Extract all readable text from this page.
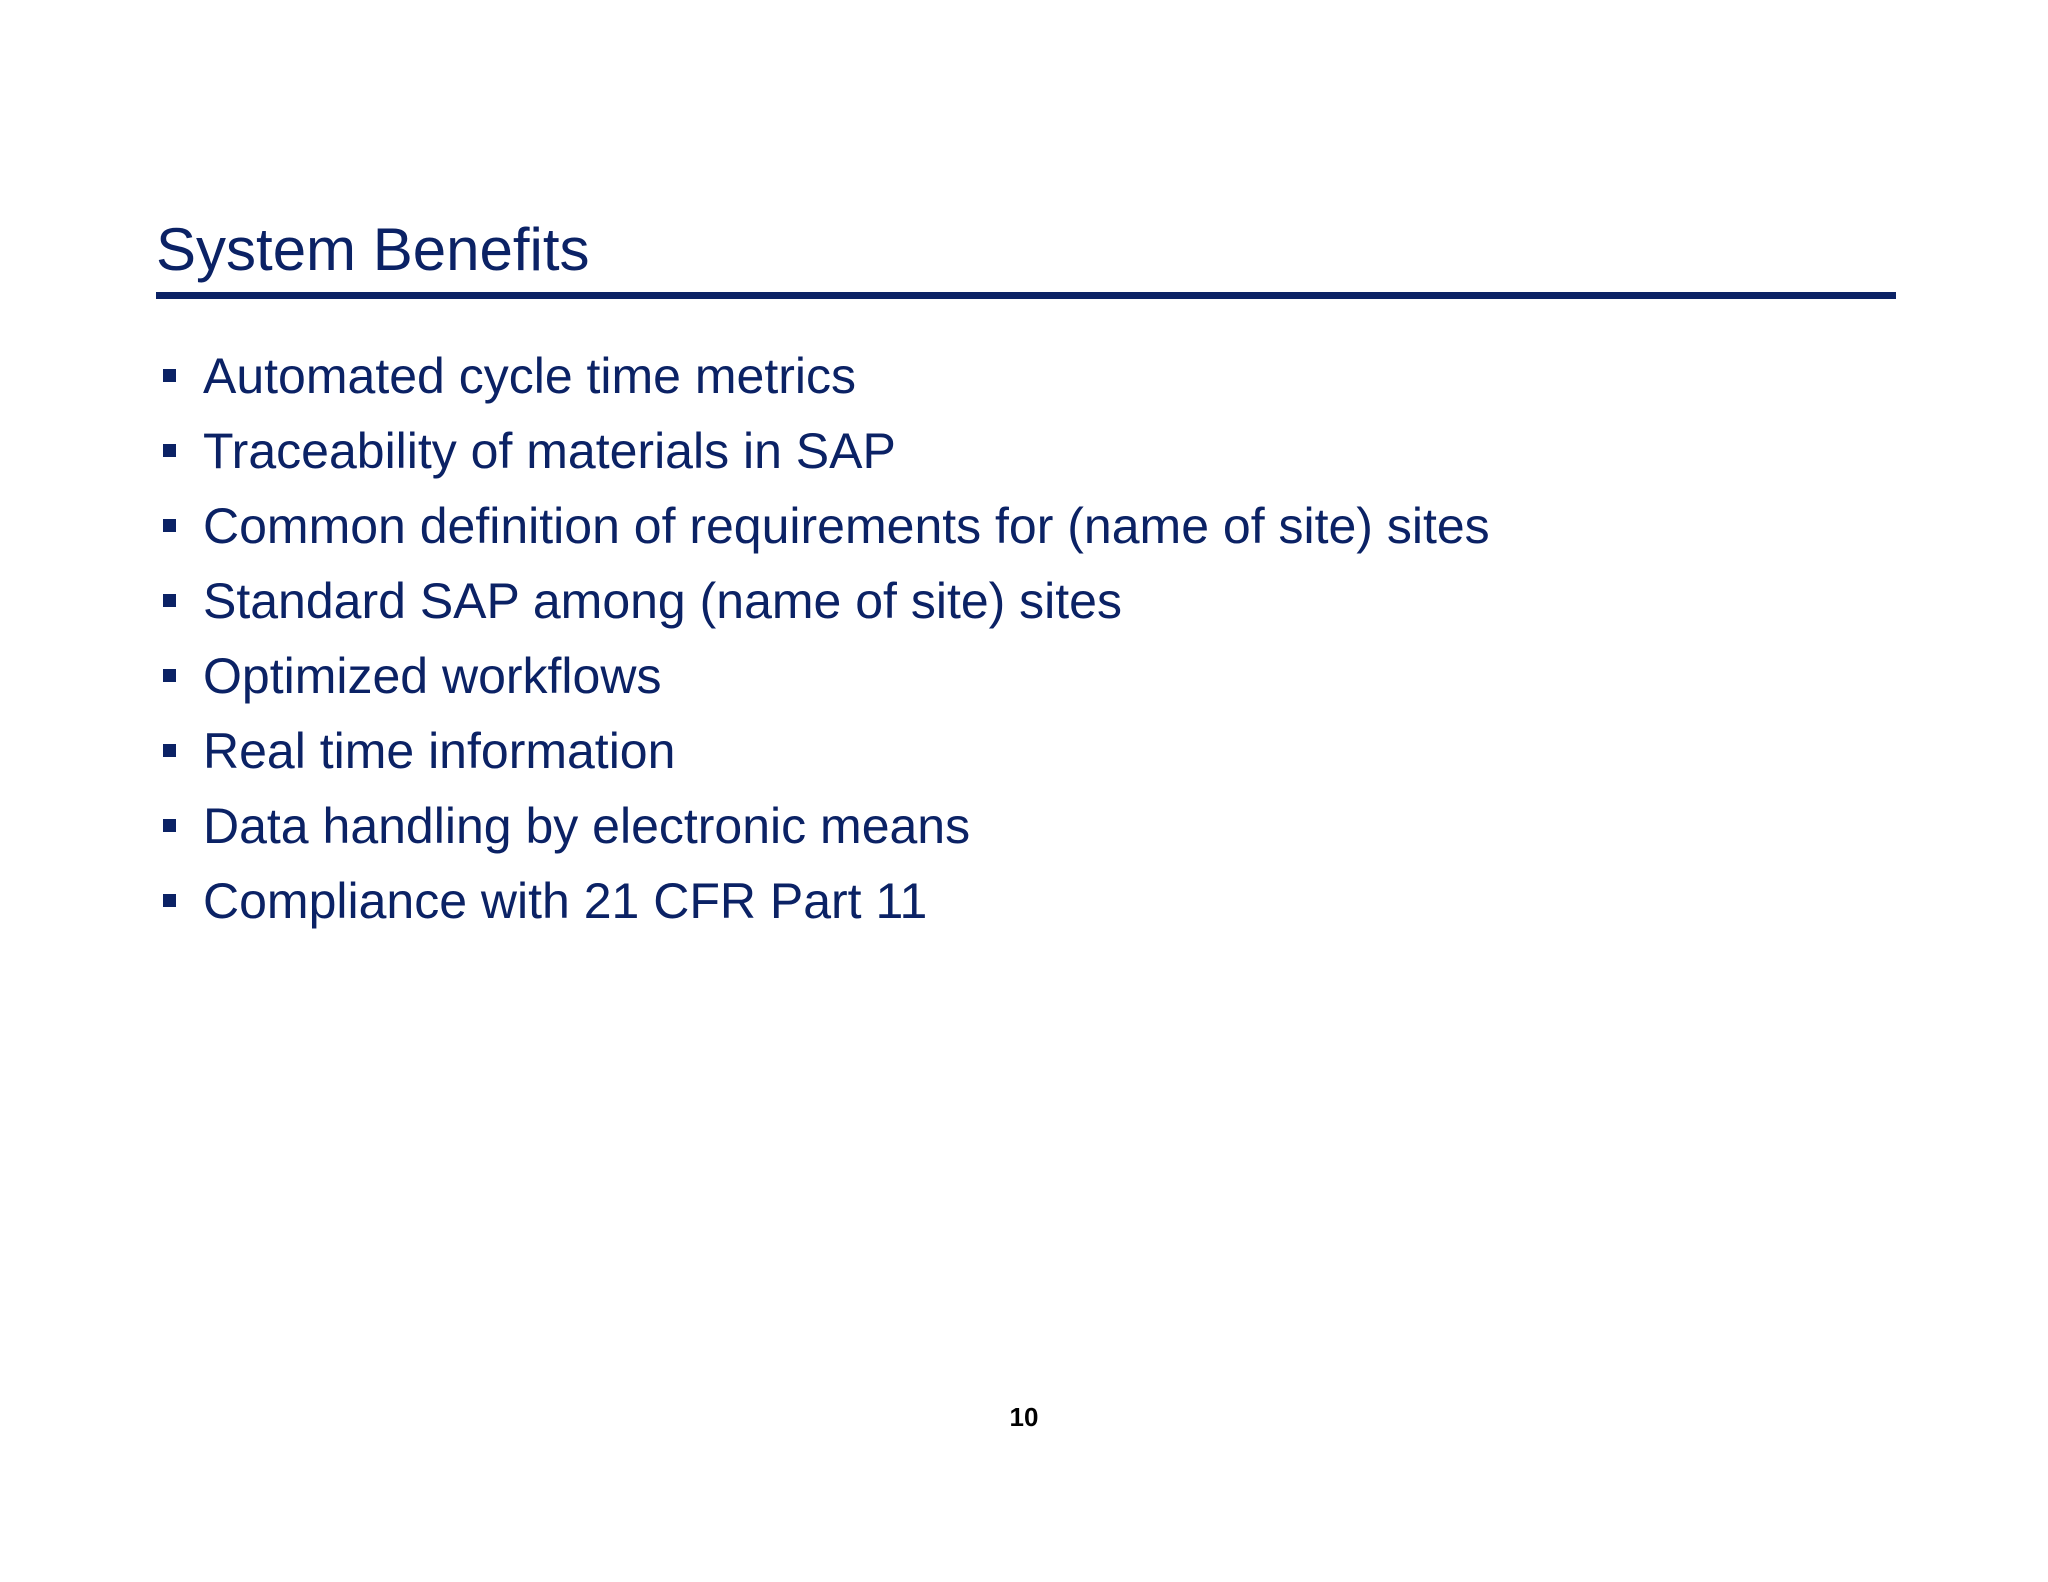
System Benefits
Automated cycle time metrics
Traceability of materials in SAP
Common definition of requirements for (name of site) sites
Standard SAP among (name of site) sites
Optimized workflows
Real time information
Data handling by electronic means
Compliance with 21 CFR Part 11
10
